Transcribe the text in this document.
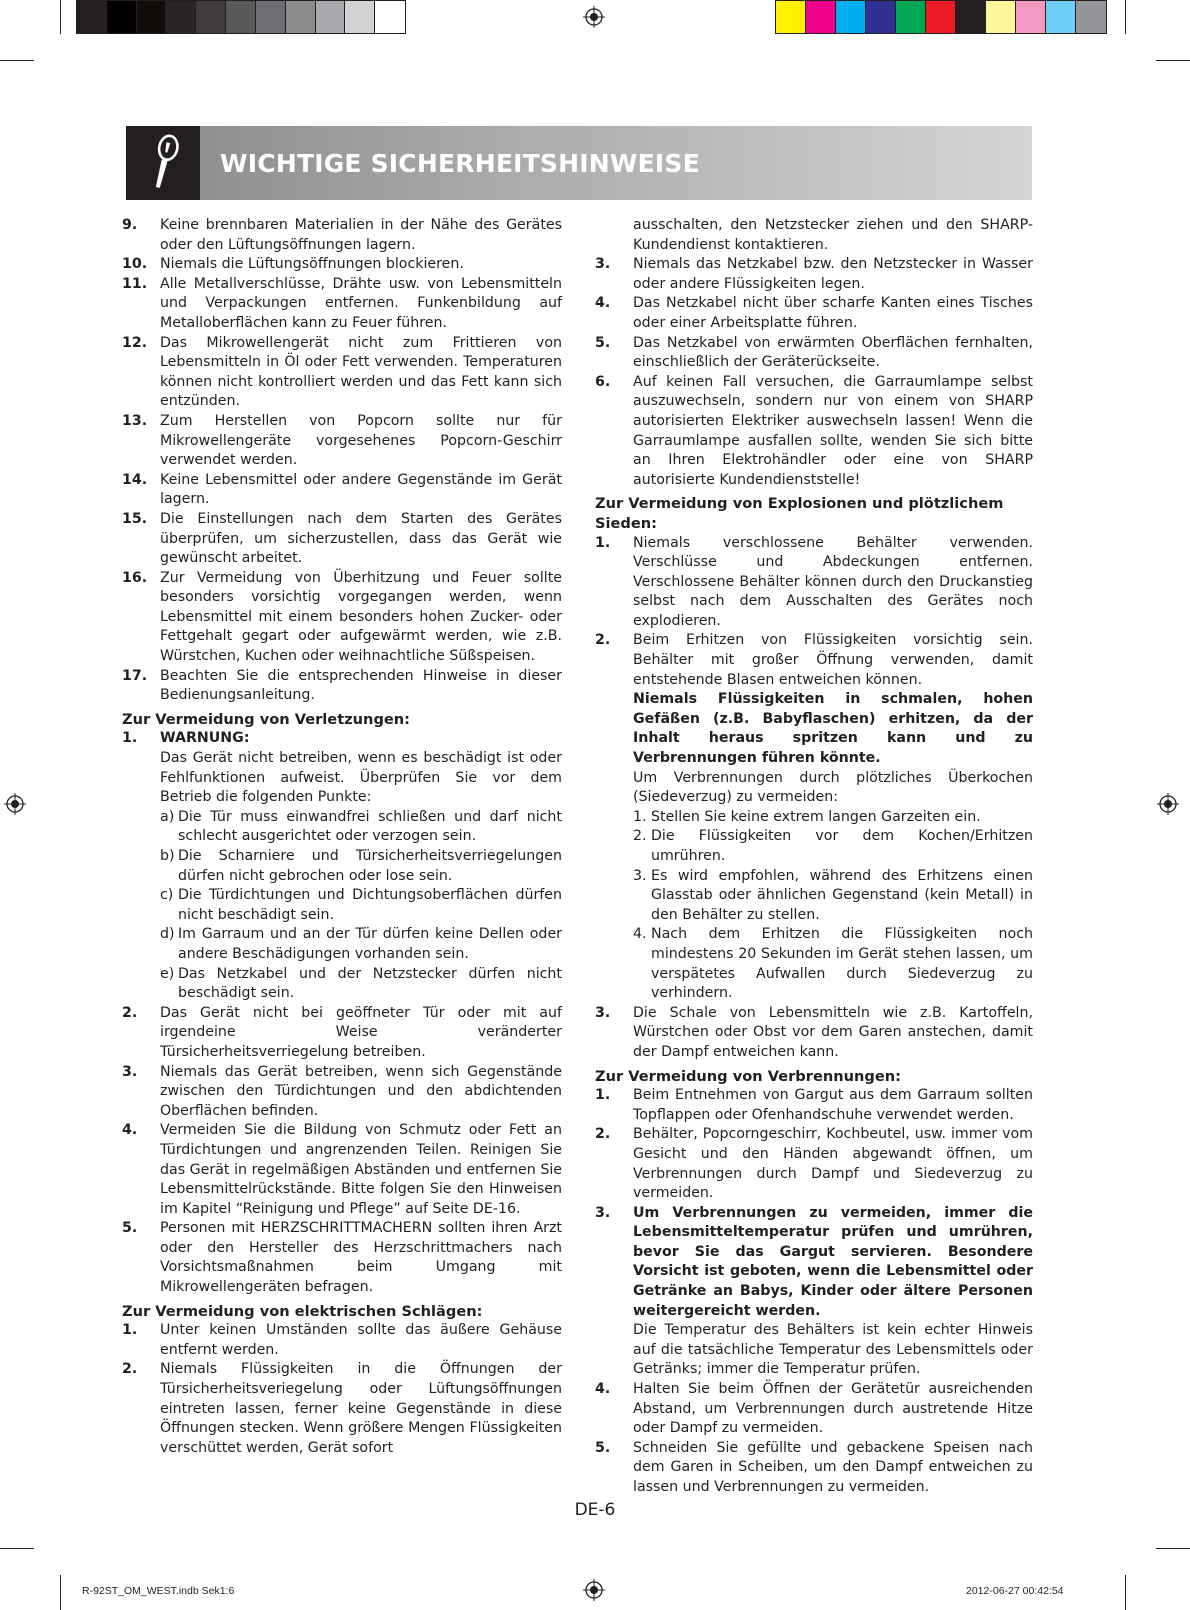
WICHTIGE SICHERHEITSHINWEISE
9.	Keine brennbaren Materialien in der Nähe des Gerätes oder den Lüftungsöffnungen lagern.
10. Niemals die Lüftungsöffnungen blockieren.
11. Alle Metallverschlüsse, Drähte usw. von Lebensmitteln und Verpackungen entfernen. Funkenbildung auf Metalloberflächen kann zu Feuer führen.
12. Das Mikrowellengerät nicht zum Frittieren von Lebensmitteln in Öl oder Fett verwenden. Temperaturen können nicht kontrolliert werden und das Fett kann sich entzünden.
13. Zum Herstellen von Popcorn sollte nur für Mikrowellengeräte vorgesehenes Popcorn-Geschirr verwendet werden.
14. Keine Lebensmittel oder andere Gegenstände im Gerät lagern.
15. Die Einstellungen nach dem Starten des Gerätes überprüfen, um sicherzustellen, dass das Gerät wie gewünscht arbeitet.
16. Zur Vermeidung von Überhitzung und Feuer sollte besonders vorsichtig vorgegangen werden, wenn Lebensmittel mit einem besonders hohen Zucker- oder Fettgehalt gegart oder aufgewärmt werden, wie z.B. Würstchen, Kuchen oder weihnachtliche Süßspeisen.
17. Beachten Sie die entsprechenden Hinweise in dieser Bedienungsanleitung.

Zur Vermeidung von Verletzungen:

1.	WARNUNG:
Das Gerät nicht betreiben, wenn es beschädigt ist oder Fehlfunktionen aufweist. Überprüfen Sie vor dem Betrieb die folgenden Punkte:
a) Die Tür muss einwandfrei schließen und darf nicht schlecht ausgerichtet oder verzogen sein.
b) Die Scharniere und Türsicherheitsverriegelungen dürfen nicht gebrochen oder lose sein.
c) Die Türdichtungen und Dichtungsoberflächen dürfen nicht beschädigt sein.
d) Im Garraum und an der Tür dürfen keine Dellen oder andere Beschädigungen vorhanden sein.
e) Das Netzkabel und der Netzstecker dürfen nicht beschädigt sein.
2.	Das Gerät nicht bei geöffneter Tür oder mit auf irgendeine Weise veränderter Türsicherheitsverriegelung betreiben.
3.	Niemals das Gerät betreiben, wenn sich Gegenstände zwischen den Türdichtungen und den abdichtenden Oberflächen befinden.
4.	Vermeiden Sie die Bildung von Schmutz oder Fett an Türdichtungen und angrenzenden Teilen. Reinigen Sie das Gerät in regelmäßigen Abständen und entfernen Sie Lebensmittelrückstände. Bitte folgen Sie den Hinweisen im Kapitel “Reinigung und Pflege” auf Seite DE-16.
5.	Personen mit HERZSCHRITTMACHERN sollten ihren Arzt oder den Hersteller des Herzschrittmachers nach Vorsichtsmaßnahmen beim Umgang mit Mikrowellengeräten befragen.

Zur Vermeidung von elektrischen Schlägen:

1.	Unter keinen Umständen sollte das äußere Gehäuse entfernt werden.
2.	Niemals Flüssigkeiten in die Öffnungen der Türsicherheitsveriegelung oder Lüftungsöffnungen eintreten lassen, ferner keine Gegenstände in diese Öffnungen stecken. Wenn größere Mengen Flüssigkeiten verschüttet werden, Gerät sofort
ausschalten, den Netzstecker ziehen und den SHARP-Kundendienst kontaktieren.
3.	Niemals das Netzkabel bzw. den Netzstecker in Wasser oder andere Flüssigkeiten legen.
4.	Das Netzkabel nicht über scharfe Kanten eines Tisches oder einer Arbeitsplatte führen.
5.	Das Netzkabel von erwärmten Oberflächen fernhalten, einschließlich der Geräterückseite.
6.	Auf keinen Fall versuchen, die Garraumlampe selbst auszuwechseln, sondern nur von einem von SHARP autorisierten Elektriker auswechseln lassen! Wenn die Garraumlampe ausfallen sollte, wenden Sie sich bitte an Ihren Elektrohändler oder eine von SHARP autorisierte Kundendienststelle!

Zur Vermeidung von Explosionen und plötzlichem Sieden:

1.	Niemals verschlossene Behälter verwenden. Verschlüsse und Abdeckungen entfernen. Verschlossene Behälter können durch den Druckanstieg selbst nach dem Ausschalten des Gerätes noch explodieren.
2.	Beim Erhitzen von Flüssigkeiten vorsichtig sein. Behälter mit großer Öffnung verwenden, damit entstehende Blasen entweichen können.
Niemals Flüssigkeiten in schmalen, hohen Gefäßen (z.B. Babyflaschen) erhitzen, da der Inhalt heraus spritzen kann und zu Verbrennungen führen könnte.
Um Verbrennungen durch plötzliches Überkochen (Siedeverzug) zu vermeiden:
1. Stellen Sie keine extrem langen Garzeiten ein.
2. Die Flüssigkeiten vor dem Kochen/Erhitzen umrühren.
3. Es wird empfohlen, während des Erhitzens einen Glasstab oder ähnlichen Gegenstand (kein Metall) in den Behälter zu stellen.
4. Nach dem Erhitzen die Flüssigkeiten noch mindestens 20 Sekunden im Gerät stehen lassen, um verspätetes Aufwallen durch Siedeverzug zu verhindern.
3.	Die Schale von Lebensmitteln wie z.B. Kartoffeln, Würstchen oder Obst vor dem Garen anstechen, damit der Dampf entweichen kann.

Zur Vermeidung von Verbrennungen:

1.	Beim Entnehmen von Gargut aus dem Garraum sollten Topflappen oder Ofenhandschuhe verwendet werden.
2.	Behälter, Popcorngeschirr, Kochbeutel, usw. immer vom Gesicht und den Händen abgewandt öffnen, um Verbrennungen durch Dampf und Siedeverzug zu vermeiden.
3.	Um Verbrennungen zu vermeiden, immer die Lebensmitteltemperatur prüfen und umrühren, bevor Sie das Gargut servieren. Besondere Vorsicht ist geboten, wenn die Lebensmittel oder Getränke an Babys, Kinder oder ältere Personen weitergereicht werden.
Die Temperatur des Behälters ist kein echter Hinweis auf die tatsächliche Temperatur des Lebensmittels oder Getränks; immer die Temperatur prüfen.
4.	Halten Sie beim Öffnen der Gerätetür ausreichenden Abstand, um Verbrennungen durch austretende Hitze oder Dampf zu vermeiden.
5.	Schneiden Sie gefüllte und gebackene Speisen nach dem Garen in Scheiben, um den Dampf entweichen zu lassen und Verbrennungen zu vermeiden.
DE-6
R-92ST_OM_WEST.indb Sek1:6	2012-06-27 00:42:54
